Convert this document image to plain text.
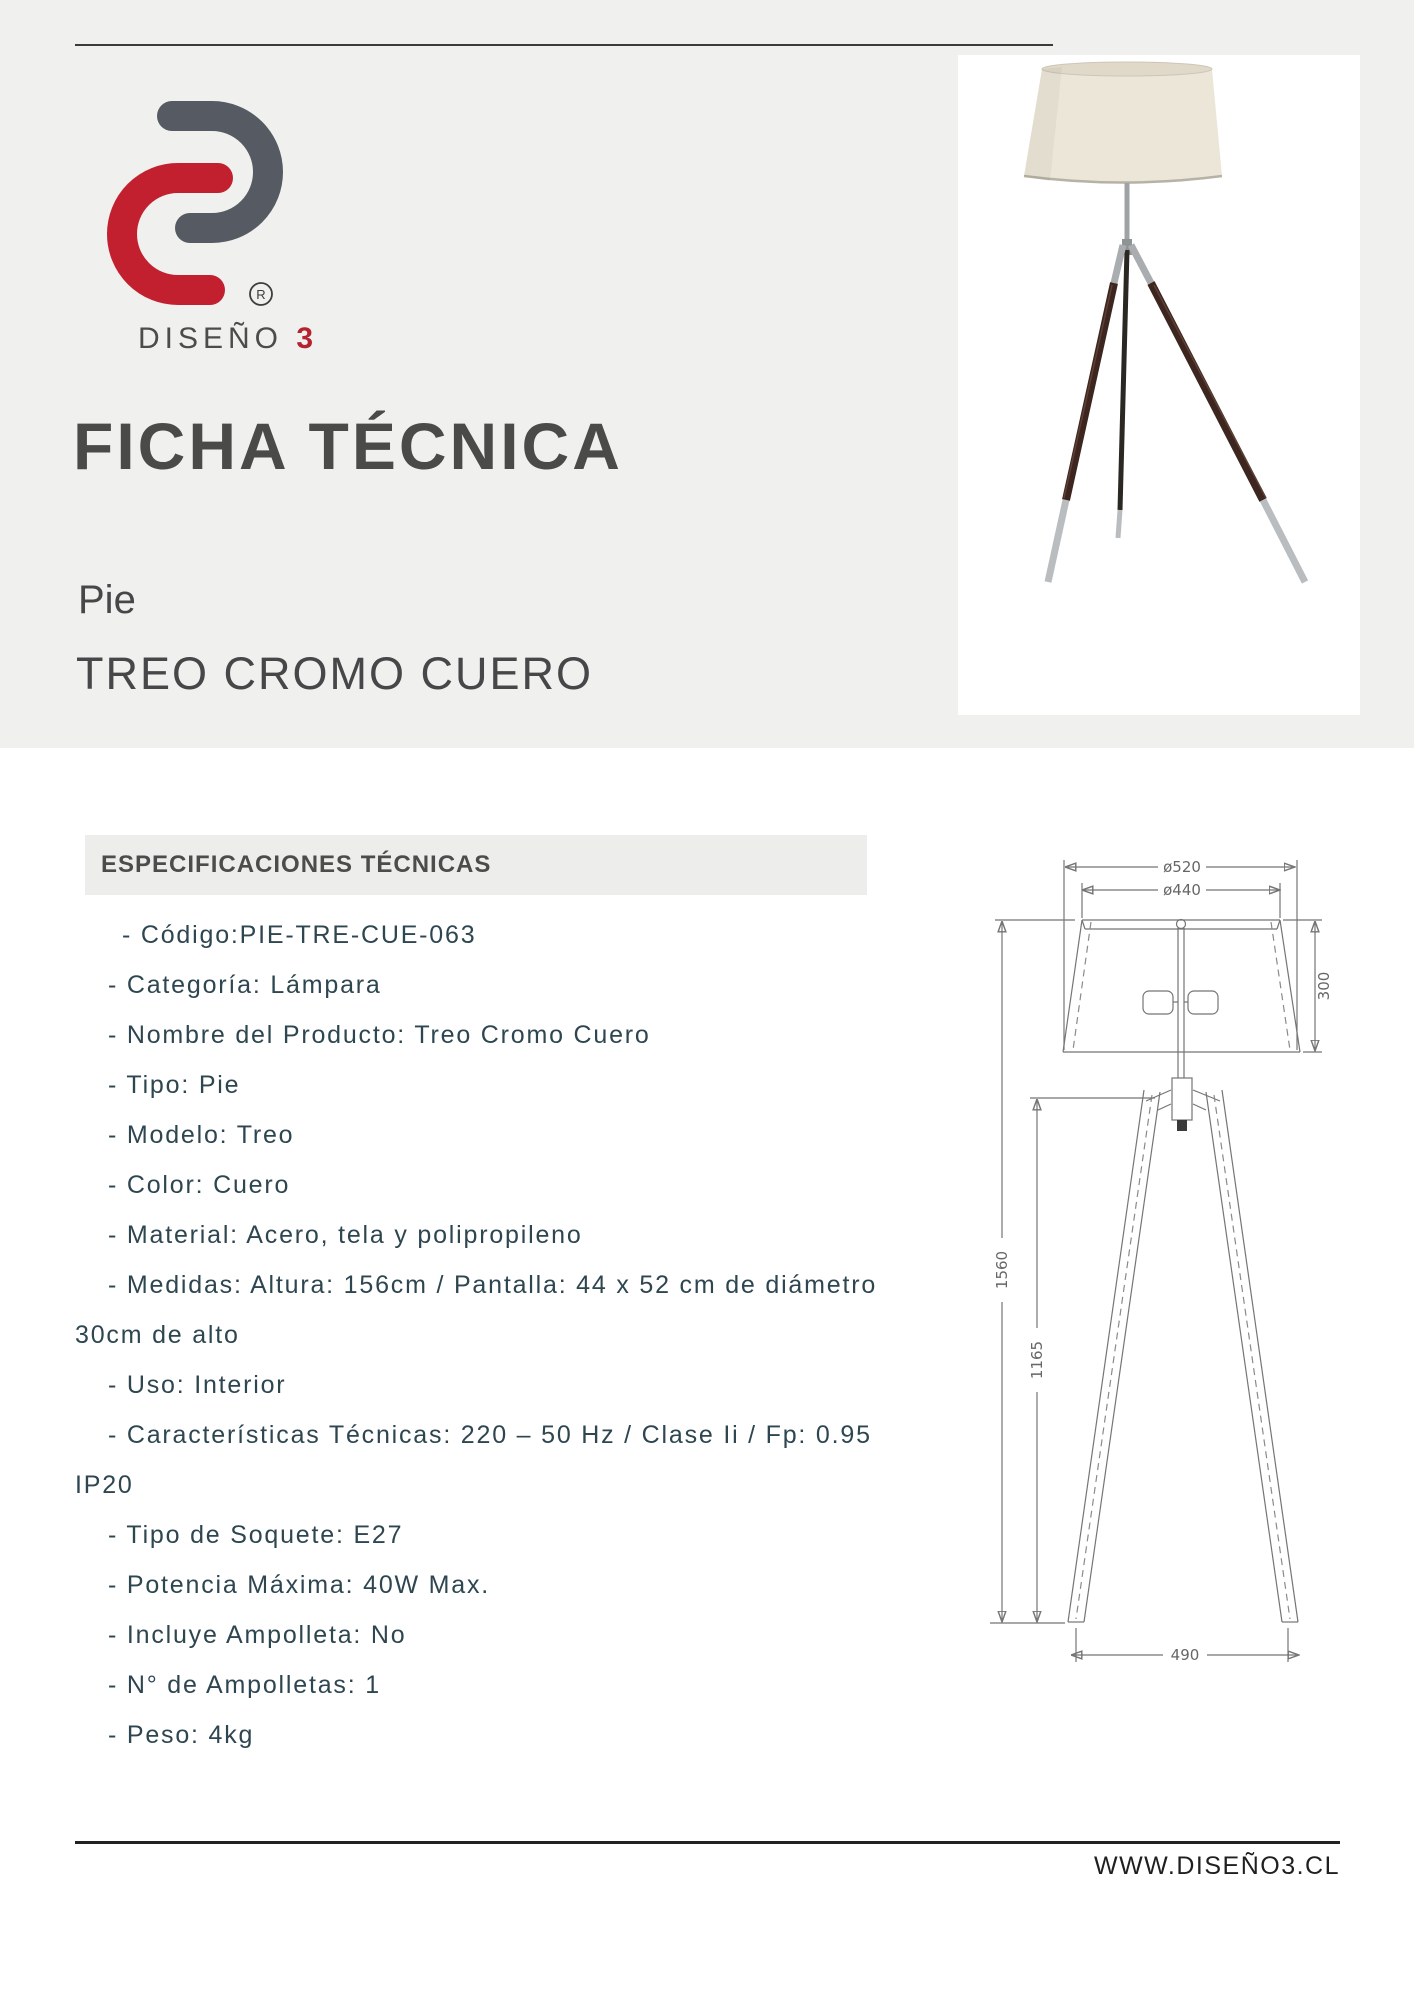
R
DISEÑO 3
FICHA TÉCNICA
Pie
TREO CROMO CUERO
ESPECIFICACIONES TÉCNICAS
- Código:PIE-TRE-CUE-063
- Categoría: Lámpara
- Nombre del Producto: Treo Cromo Cuero
- Tipo: Pie
- Modelo: Treo
- Color: Cuero
- Material: Acero, tela y polipropileno
- Medidas: Altura: 156cm / Pantalla: 44 x 52 cm de diámetro
30cm de alto
- Uso: Interior
- Características Técnicas: 220 – 50 Hz / Clase Ii / Fp: 0.95
IP20
- Tipo de Soquete: E27
- Potencia Máxima: 40W Max.
- Incluye Ampolleta: No
- N° de Ampolletas: 1
- Peso: 4kg
ø520
ø440
300
1560
1165
490
WWW.DISEÑO3.CL
